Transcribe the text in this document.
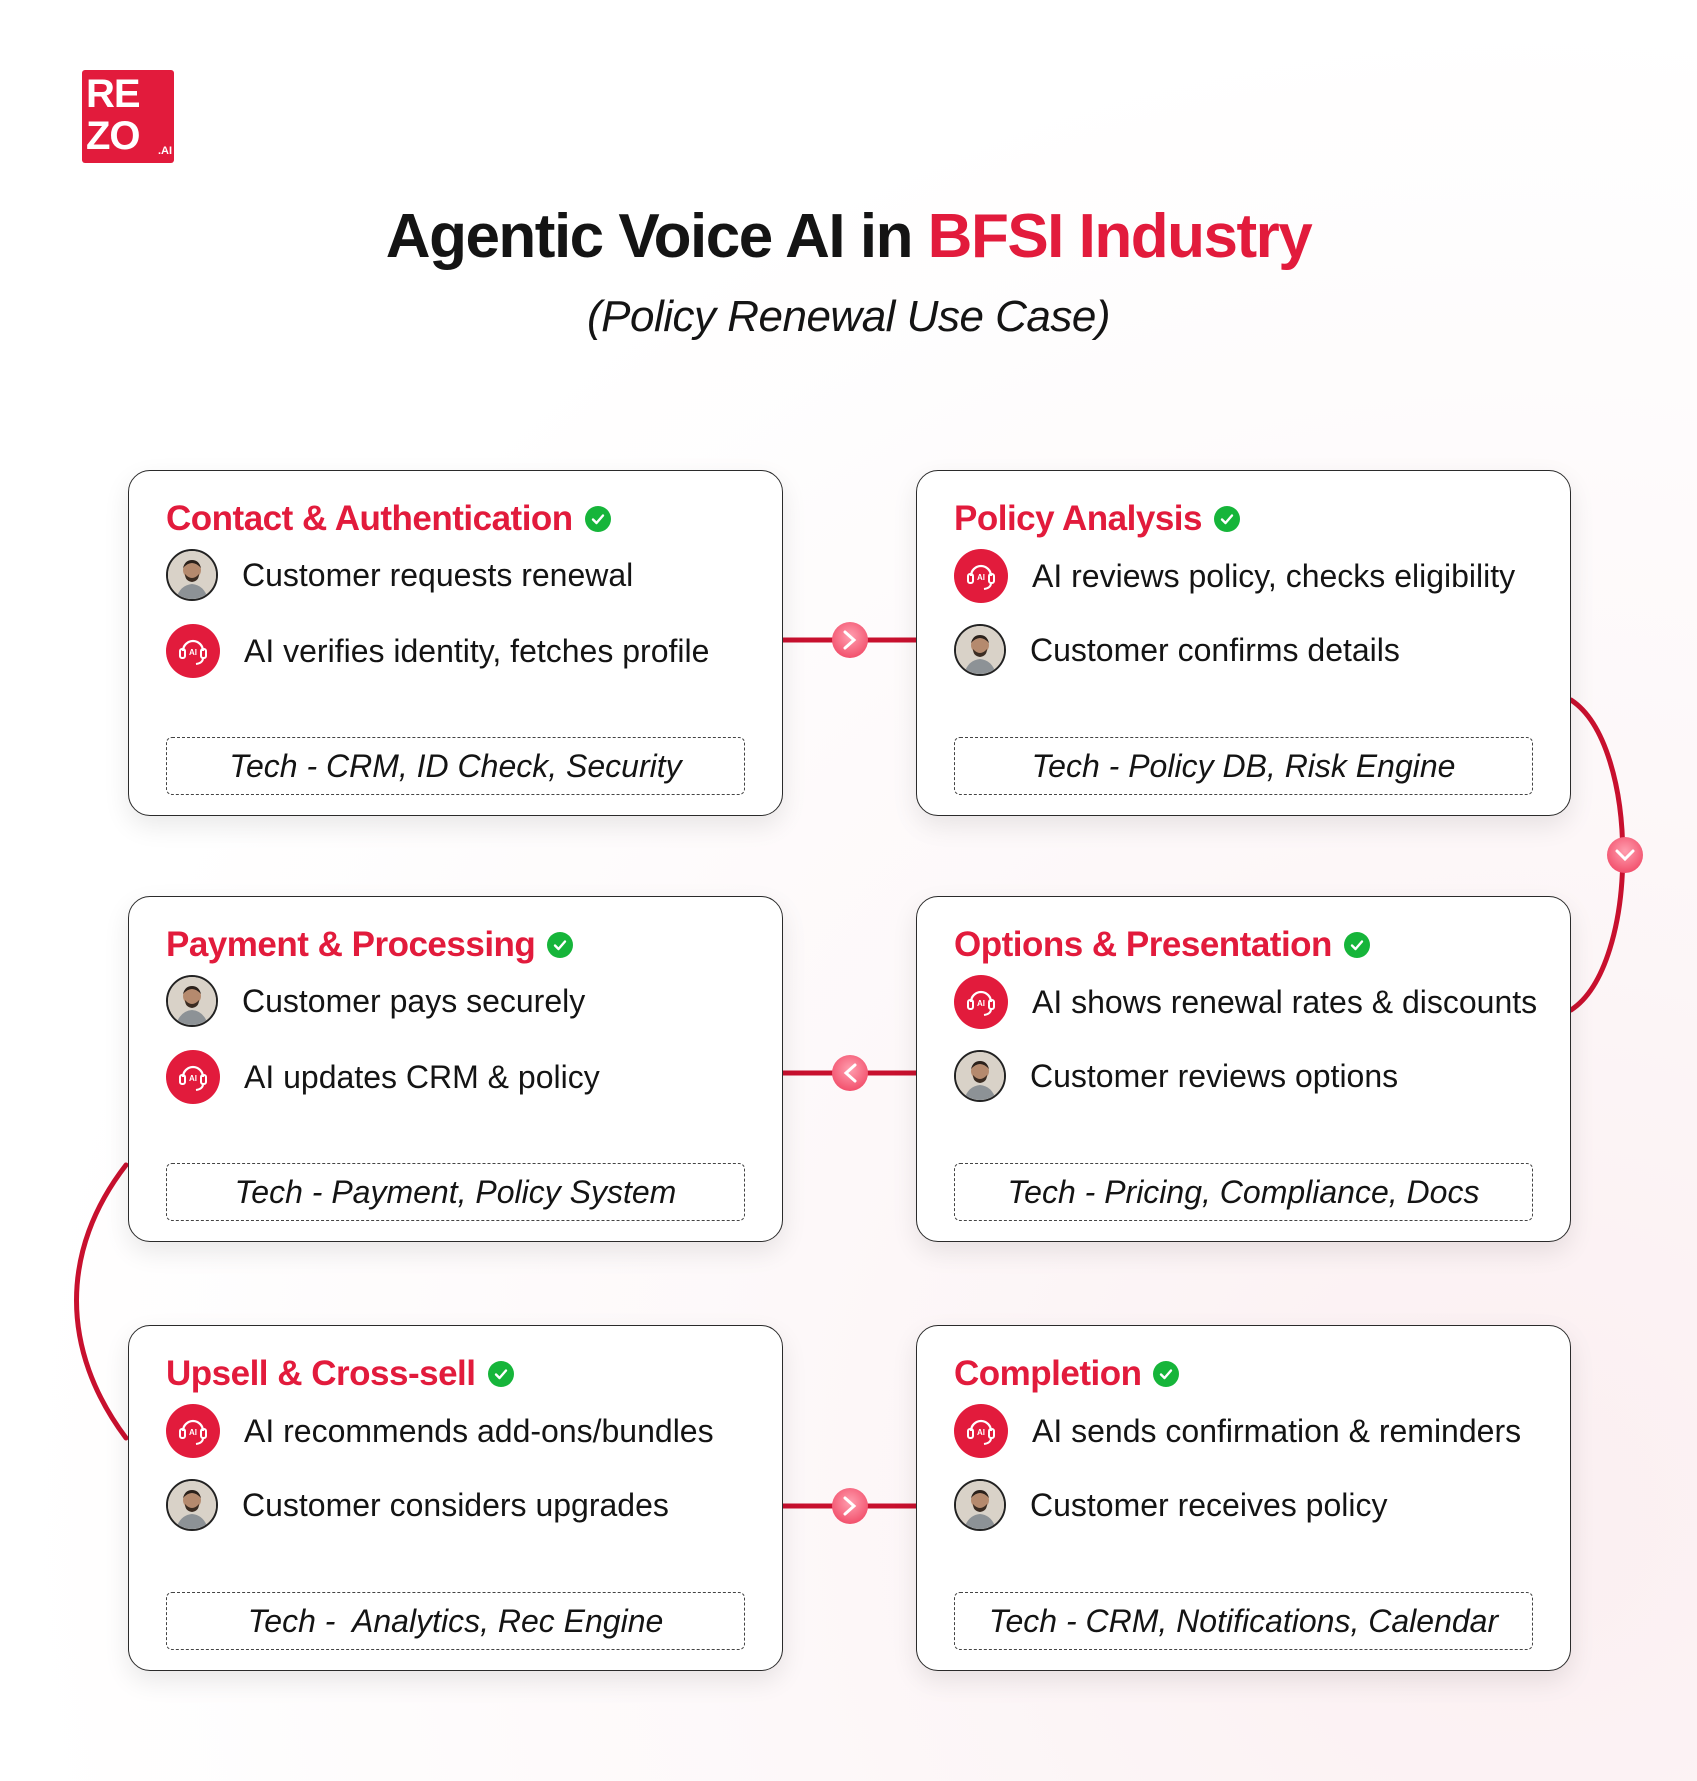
RE
ZO .AI
Agentic Voice AI in BFSI Industry
(Policy Renewal Use Case)
Contact & Authentication
Customer requests renewal
AI AI verifies identity, fetches profile
Tech - CRM, ID Check, Security
Policy Analysis
AI AI reviews policy, checks eligibility
Customer confirms details
Tech - Policy DB, Risk Engine
Options & Presentation
AI AI shows renewal rates & discounts
Customer reviews options
Tech - Pricing, Compliance, Docs
Payment & Processing
Customer pays securely
AI AI updates CRM & policy
Tech - Payment, Policy System
Upsell & Cross-sell
AI AI recommends add-ons/bundles
Customer considers upgrades
Tech -  Analytics, Rec Engine
Completion
AI AI sends confirmation & reminders
Customer receives policy
Tech - CRM, Notifications, Calendar
